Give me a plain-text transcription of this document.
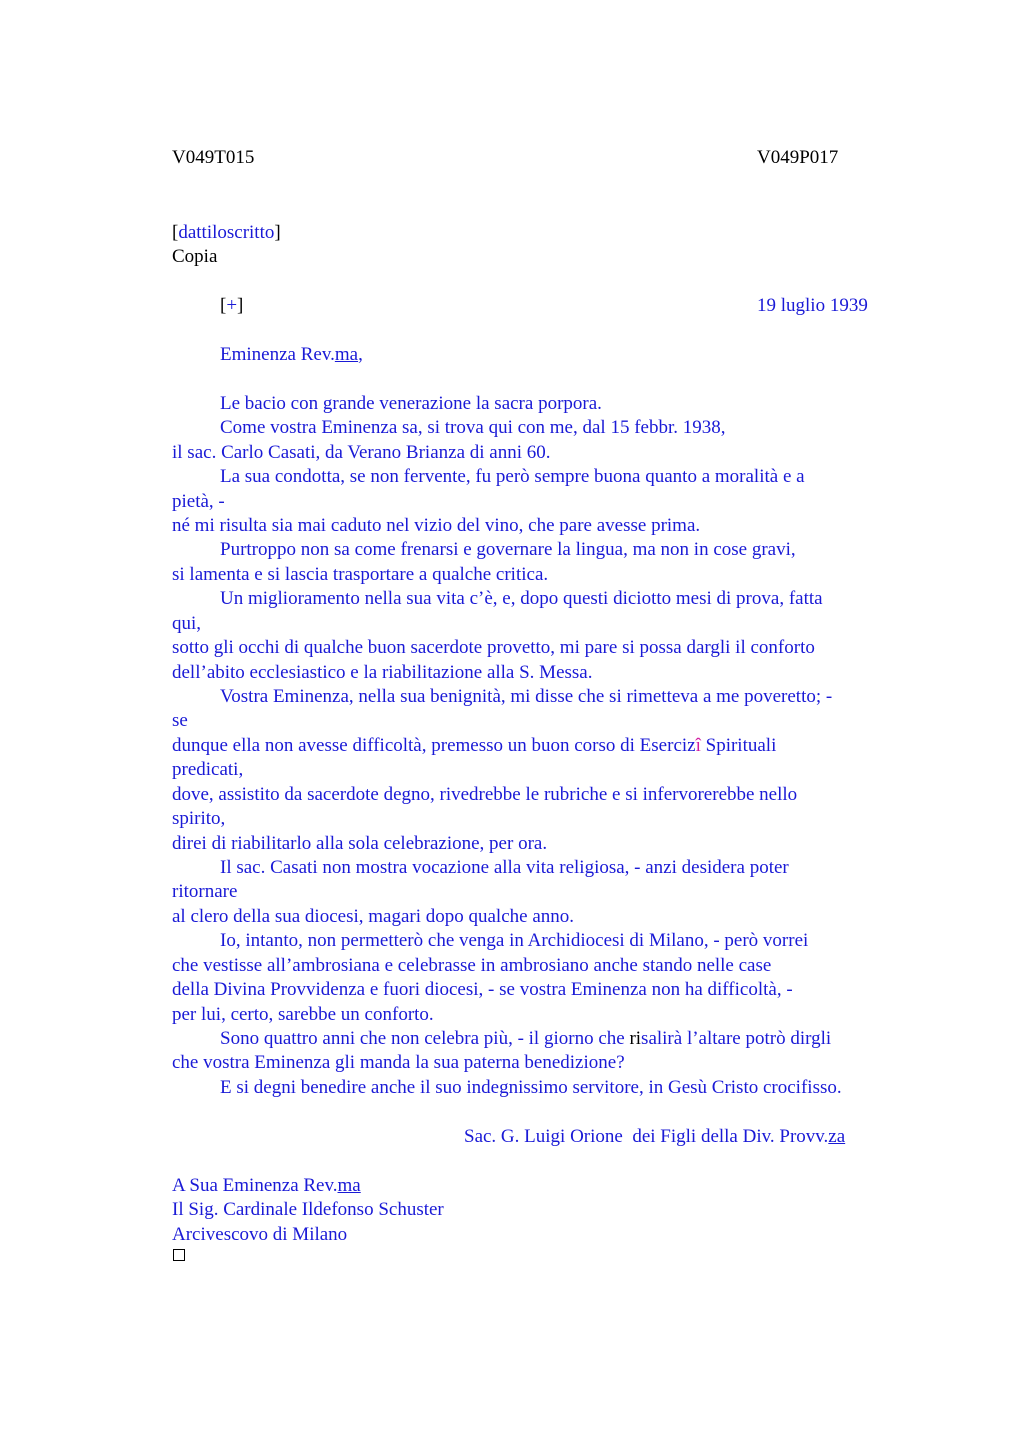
V049T015	V049P017
[dattiloscritto]
Copia
[+]	19 luglio 1939
Eminenza Rev.ma,
Le bacio con grande venerazione la sacra porpora.
Come vostra Eminenza sa, si trova qui con me, dal 15 febbr. 1938,
il sac. Carlo Casati, da Verano Brianza di anni 60.
La sua condotta, se non fervente, fu però sempre buona quanto a moralità e a
pietà, -
né mi risulta sia mai caduto nel vizio del vino, che pare avesse prima.
Purtroppo non sa come frenarsi e governare la lingua, ma non in cose gravi,
si lamenta e si lascia trasportare a qualche critica.
Un miglioramento nella sua vita c’è, e, dopo questi diciotto mesi di prova, fatta
qui,
sotto gli occhi di qualche buon sacerdote provetto, mi pare si possa dargli il conforto
dell’abito ecclesiastico e la riabilitazione alla S. Messa.
Vostra Eminenza, nella sua benignità, mi disse che si rimetteva a me poveretto; -
se
dunque ella non avesse difficoltà, premesso un buon corso di Esercizî Spirituali
predicati,
dove, assistito da sacerdote degno, rivedrebbe le rubriche e si infervorerebbe nello
spirito,
direi di riabilitarlo alla sola celebrazione, per ora.
Il sac. Casati non mostra vocazione alla vita religiosa, - anzi desidera poter
ritornare
al clero della sua diocesi, magari dopo qualche anno.
Io, intanto, non permetterò che venga in Archidiocesi di Milano, - però vorrei
che vestisse all’ambrosiana e celebrasse in ambrosiano anche stando nelle case
della Divina Provvidenza e fuori diocesi, - se vostra Eminenza non ha difficoltà, -
per lui, certo, sarebbe un conforto.
Sono quattro anni che non celebra più, - il giorno che risalirà l’altare potrò dirgli
che vostra Eminenza gli manda la sua paterna benedizione?
E si degni benedire anche il suo indegnissimo servitore, in Gesù Cristo crocifisso.
Sac. G. Luigi Orione  dei Figli della Div. Provv.za
A Sua Eminenza Rev.ma
Il Sig. Cardinale Ildefonso Schuster
Arcivescovo di Milano
